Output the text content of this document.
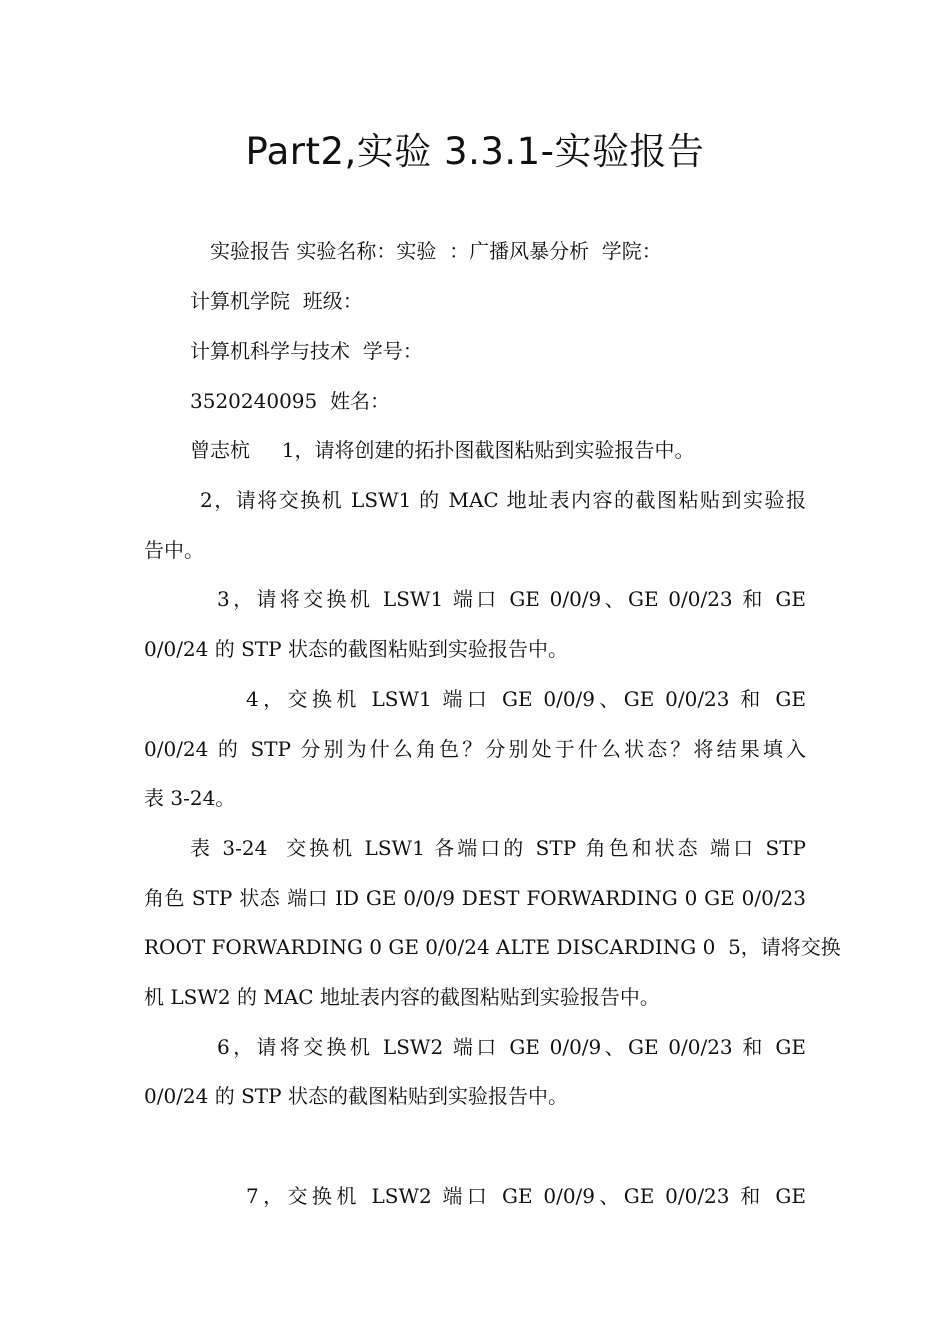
Part2,实验 3.3.1-实验报告

实验报告 实验名称：实验  ：广播风暴分析  学院：

计算机学院  班级：

计算机科学与技术  学号：

3520240095  姓名：

曾志杭     1，请将创建的拓扑图截图粘贴到实验报告中。

2，请将交换机 LSW1 的 MAC 地址表内容的截图粘贴到实验报

告中。

3，请将交换机 LSW1 端口 GE 0/0/9、GE 0/0/23 和 GE

0/0/24 的 STP 状态的截图粘贴到实验报告中。

4，交换机 LSW1 端口 GE 0/0/9、GE 0/0/23 和 GE

0/0/24 的 STP 分别为什么角色？分别处于什么状态？将结果填入

表 3-24。

表 3-24  交换机 LSW1 各端口的 STP 角色和状态 端口 STP

角色 STP 状态 端口 ID GE 0/0/9 DEST FORWARDING 0 GE 0/0/23

ROOT FORWARDING 0 GE 0/0/24 ALTE DISCARDING 0  5，请将交换

机 LSW2 的 MAC 地址表内容的截图粘贴到实验报告中。

6，请将交换机 LSW2 端口 GE 0/0/9、GE 0/0/23 和 GE

0/0/24 的 STP 状态的截图粘贴到实验报告中。

7，交换机 LSW2 端口 GE 0/0/9、GE 0/0/23 和 GE
